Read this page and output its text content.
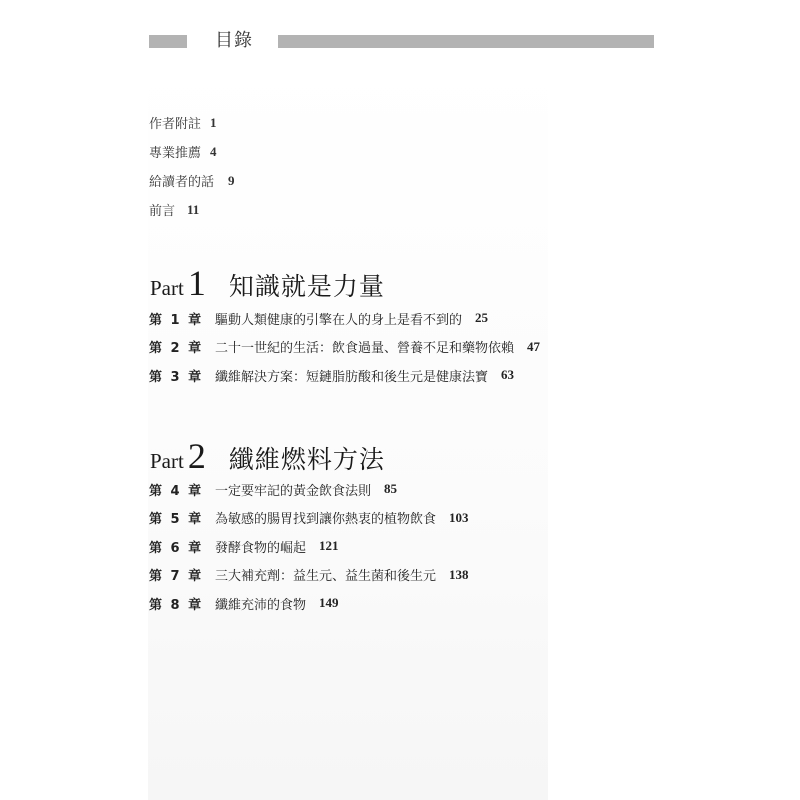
目錄
作者附註 1
專業推薦 4
給讀者的話 9
前言 11
Part 1 知識就是力量
第 1 章 驅動人類健康的引擎在人的身上是看不到的 25
第 2 章 二十一世紀的生活：飲食過量、營養不足和藥物依賴 47
第 3 章 纖維解決方案：短鏈脂肪酸和後生元是健康法寶 63
Part 2 纖維燃料方法
第 4 章 一定要牢記的黃金飲食法則 85
第 5 章 為敏感的腸胃找到讓你熱衷的植物飲食 103
第 6 章 發酵食物的崛起 121
第 7 章 三大補充劑：益生元、益生菌和後生元 138
第 8 章 纖維充沛的食物 149
